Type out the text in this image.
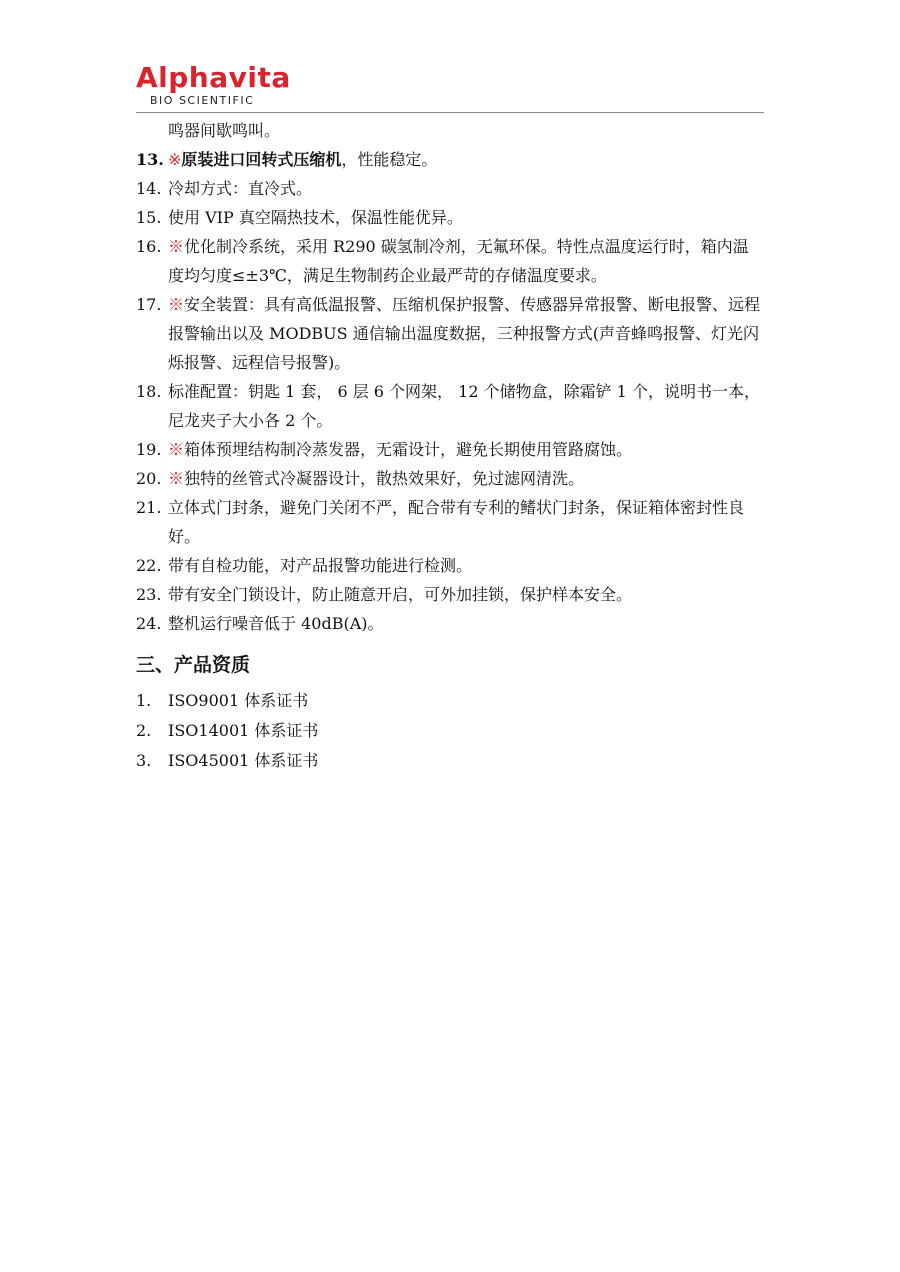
Alphavita
BIO SCIENTIFIC
鸣器间歇鸣叫。
13. ※原装进口回转式压缩机，性能稳定。
14. 冷却方式：直冷式。
15. 使用 VIP 真空隔热技术，保温性能优异。
16. ※优化制冷系统，采用 R290 碳氢制冷剂，无氟环保。特性点温度运行时，箱内温度均匀度≤±3℃，满足生物制药企业最严苛的存储温度要求。
17. ※安全装置：具有高低温报警、压缩机保护报警、传感器异常报警、断电报警、远程报警输出以及 MODBUS 通信输出温度数据，三种报警方式(声音蜂鸣报警、灯光闪烁报警、远程信号报警)。
18. 标准配置：钥匙 1 套， 6 层 6 个网架， 12 个储物盒，除霜铲 1 个，说明书一本，尼龙夹子大小各 2 个。
19. ※箱体预埋结构制冷蒸发器，无霜设计，避免长期使用管路腐蚀。
20. ※独特的丝管式冷凝器设计，散热效果好，免过滤网清洗。
21. 立体式门封条，避免门关闭不严，配合带有专利的鳍状门封条，保证箱体密封性良好。
22. 带有自检功能，对产品报警功能进行检测。
23. 带有安全门锁设计，防止随意开启，可外加挂锁，保护样本安全。
24. 整机运行噪音低于 40dB(A)。
三、产品资质
1. ISO9001 体系证书
2. ISO14001 体系证书
3. ISO45001 体系证书
